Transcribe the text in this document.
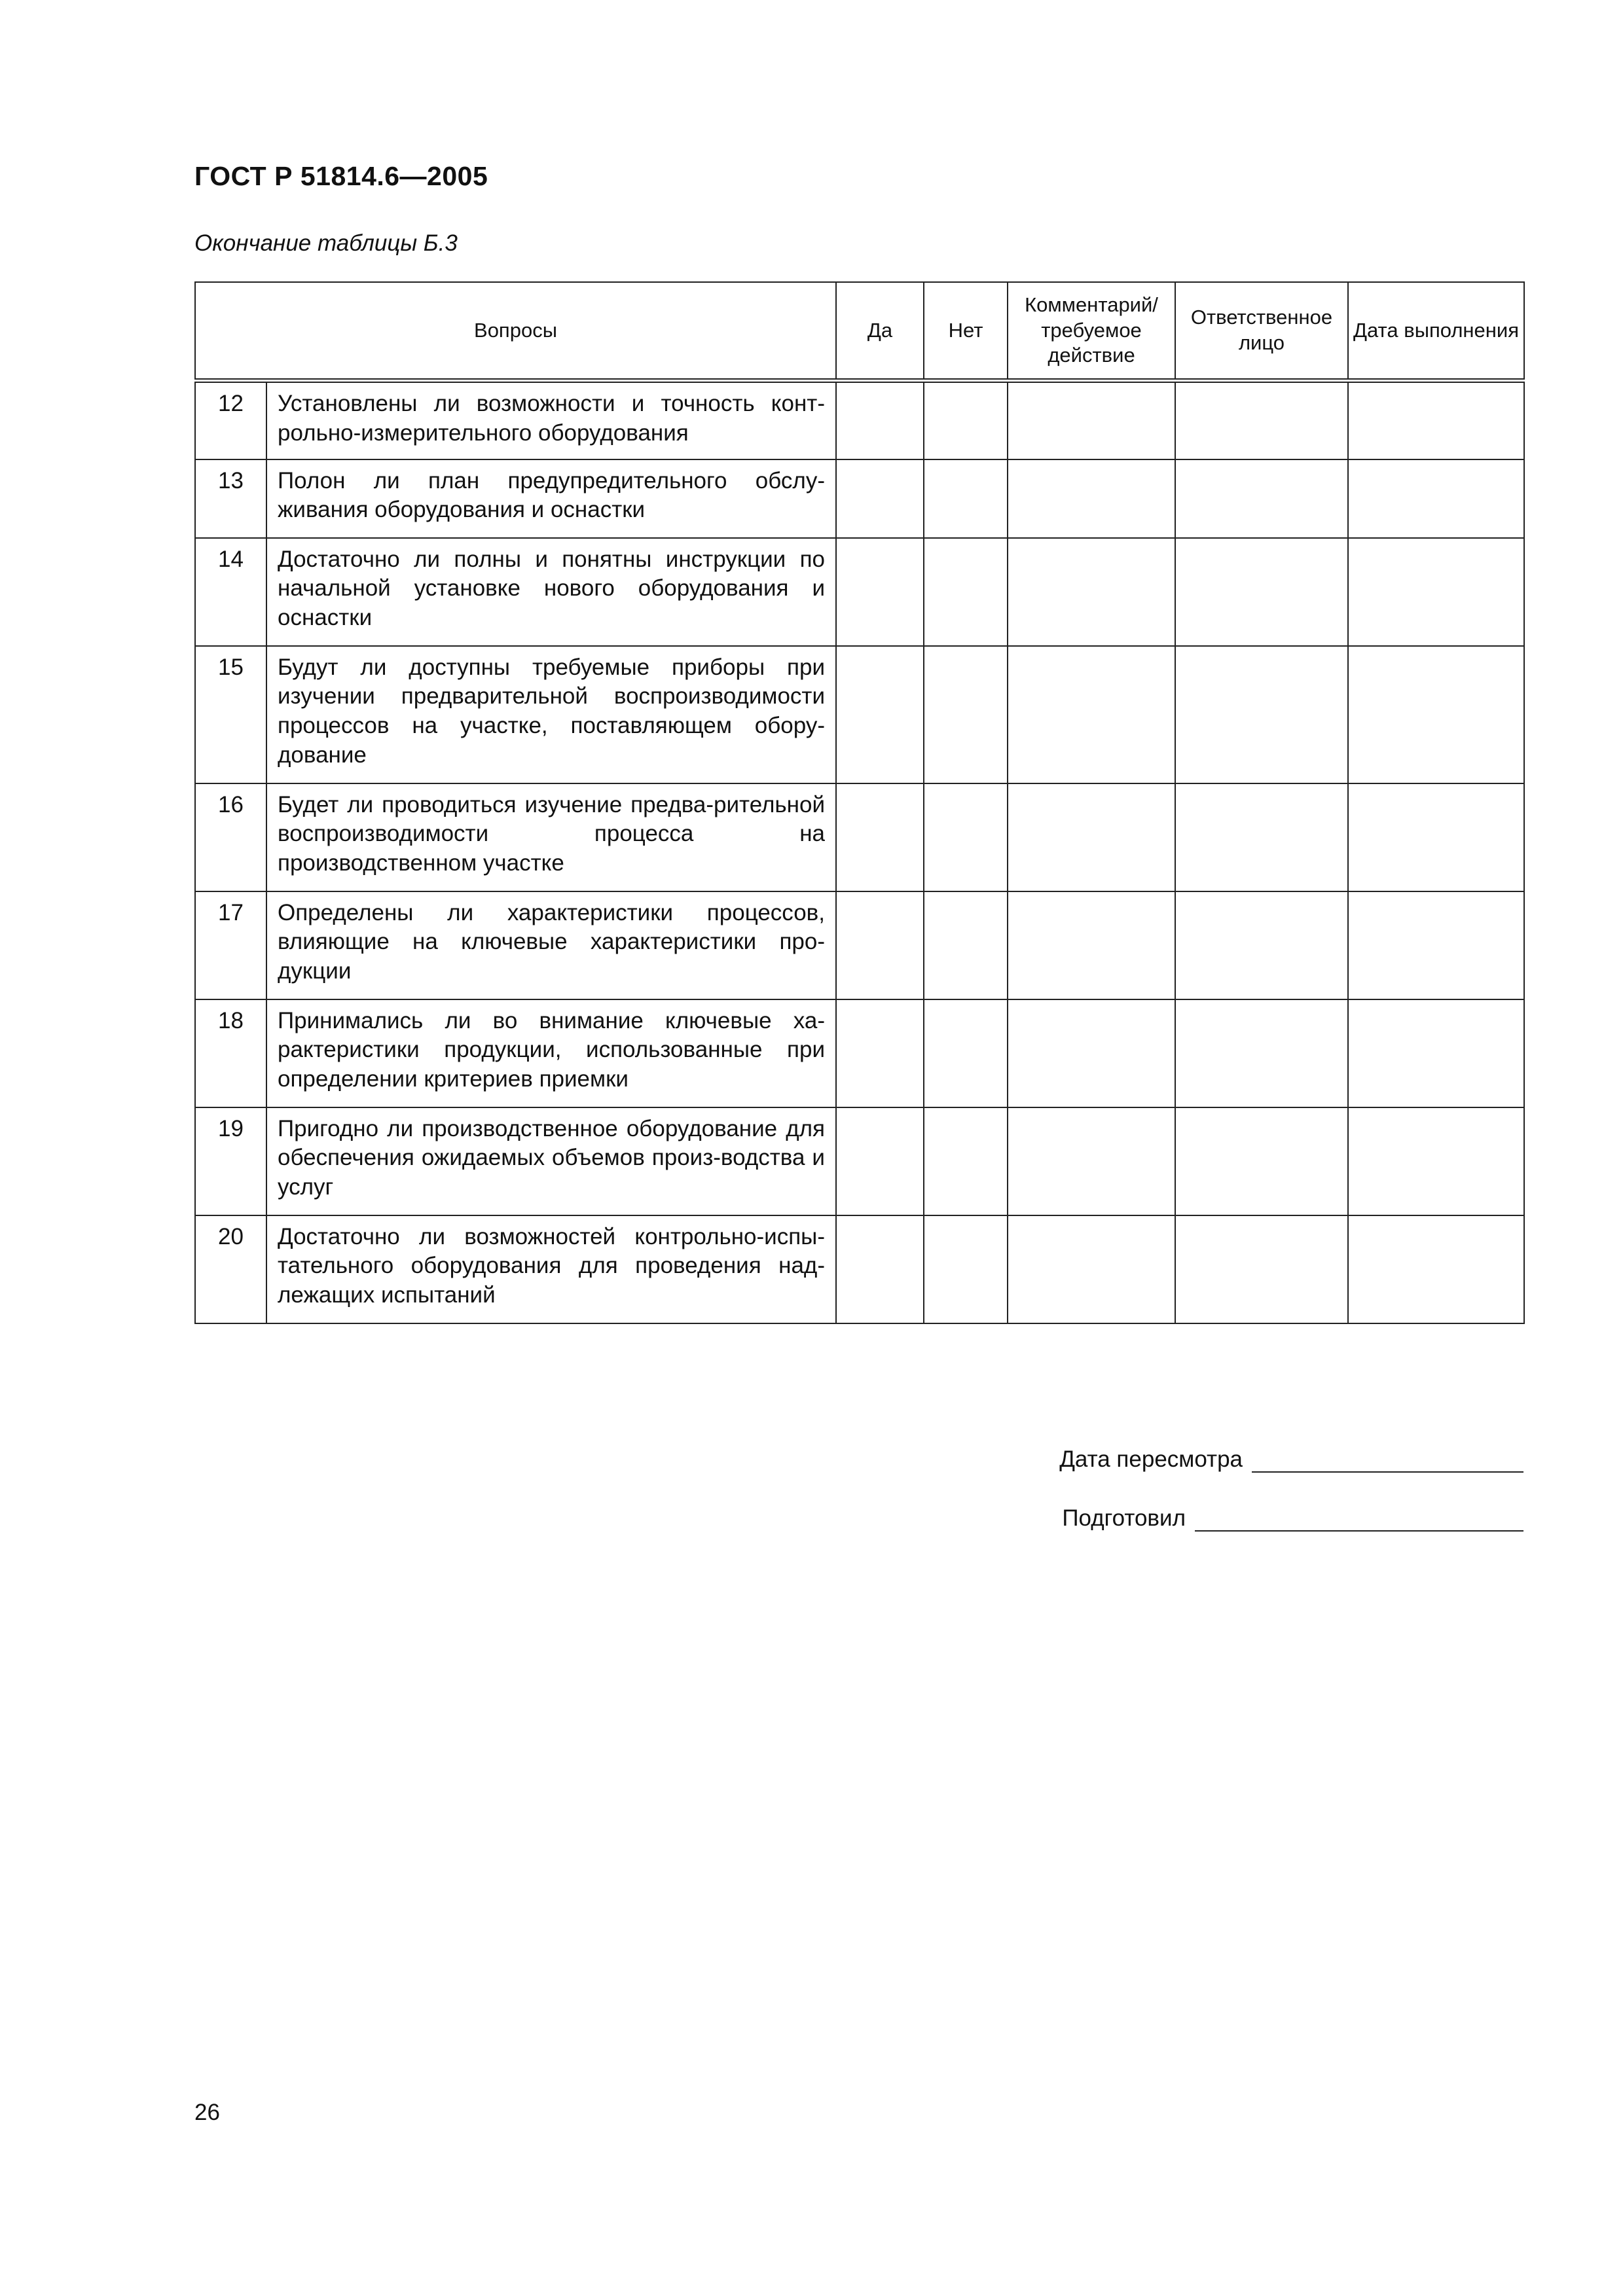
ГОСТ Р 51814.6—2005
Окончание таблицы Б.3
Вопросы		Да	Нет	Комментарий/ требуемое действие	Ответственное лицо	Дата выполнения
12	Установлены ли возможности и точность конт-рольно-измерительного оборудования					
13	Полон ли план предупредительного обслу-живания оборудования и оснастки					
14	Достаточно ли полны и понятны инструкции по начальной установке нового оборудования и оснастки					
15	Будут ли доступны требуемые приборы при изучении предварительной воспроизводимости процессов на участке, поставляющем обору-дование					
16	Будет ли проводиться изучение предва-рительной воспроизводимости процесса на производственном участке					
17	Определены ли характеристики процессов, влияющие на ключевые характеристики про-дукции					
18	Принимались ли во внимание ключевые ха-рактеристики продукции, использованные при определении критериев приемки					
19	Пригодно ли производственное оборудование для обеспечения ожидаемых объемов произ-водства и услуг					
20	Достаточно ли возможностей контрольно-испы-тательного оборудования для проведения над-лежащих испытаний					
Дата пересмотра
Подготовил
26
